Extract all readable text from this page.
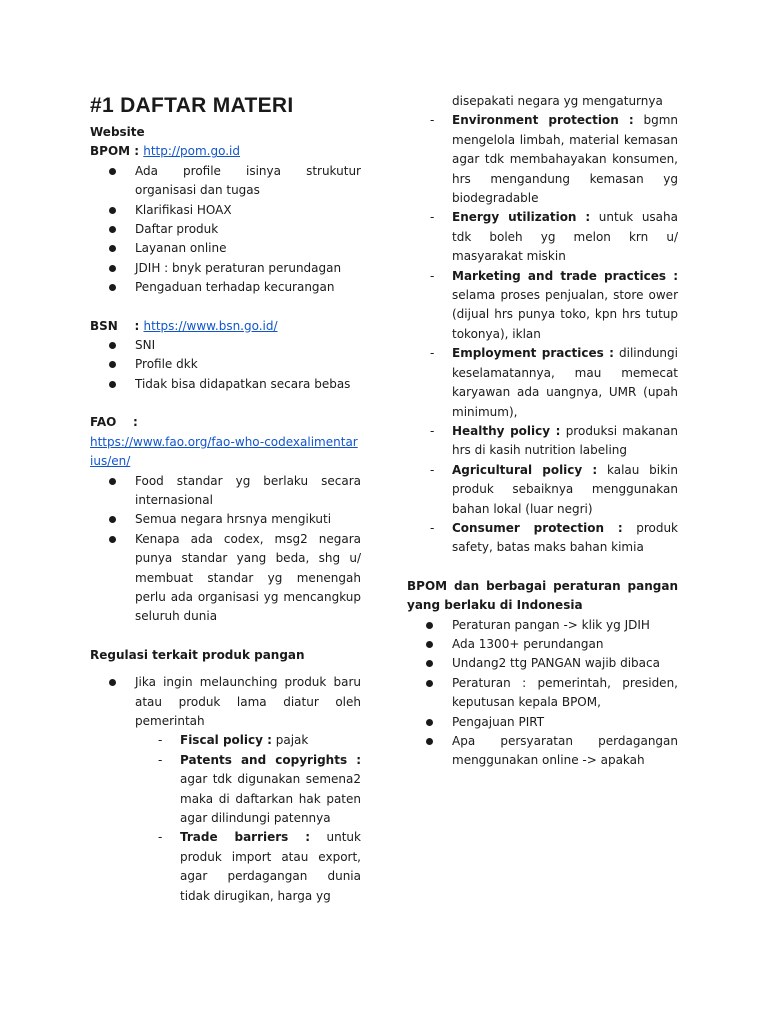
#1 DAFTAR MATERI
Website
BPOM : http://pom.go.id
Ada profile isinya strukutur organisasi dan tugas
Klarifikasi HOAX
Daftar produk
Layanan online
JDIH : bnyk peraturan perundagan
Pengaduan terhadap kecurangan
BSN    : https://www.bsn.go.id/
SNI
Profile dkk
Tidak bisa didapatkan secara bebas
FAO    :
https://www.fao.org/fao-who-codexalimentarius/en/
Food standar yg berlaku secara internasional
Semua negara hrsnya mengikuti
Kenapa ada codex, msg2 negara punya standar yang beda, shg u/ membuat standar yg menengah perlu ada organisasi yg mencangkup seluruh dunia
Regulasi terkait produk pangan
Jika ingin melaunching produk baru atau produk lama diatur oleh pemerintah
- Fiscal policy : pajak
- Patents and copyrights : agar tdk digunakan semena2 maka di daftarkan hak paten agar dilindungi patennya
- Trade barriers : untuk produk import atau export, agar perdagangan dunia tidak dirugikan, harga yg
disepakati negara yg mengaturnya
- Environment protection : bgmn mengelola limbah, material kemasan agar tdk membahayakan konsumen, hrs mengandung kemasan yg biodegradable
- Energy utilization : untuk usaha tdk boleh yg melon krn u/ masyarakat miskin
- Marketing and trade practices : selama proses penjualan, store ower (dijual hrs punya toko, kpn hrs tutup tokonya), iklan
- Employment practices : dilindungi keselamatannya, mau memecat karyawan ada uangnya, UMR (upah minimum),
- Healthy policy : produksi makanan hrs di kasih nutrition labeling
- Agricultural policy : kalau bikin produk sebaiknya menggunakan bahan lokal (luar negri)
- Consumer protection : produk safety, batas maks bahan kimia
BPOM dan berbagai peraturan pangan yang berlaku di Indonesia
Peraturan pangan -> klik yg JDIH
Ada 1300+ perundangan
Undang2 ttg PANGAN wajib dibaca
Peraturan : pemerintah, presiden, keputusan kepala BPOM,
Pengajuan PIRT
Apa persyaratan perdagangan menggunakan online -> apakah
